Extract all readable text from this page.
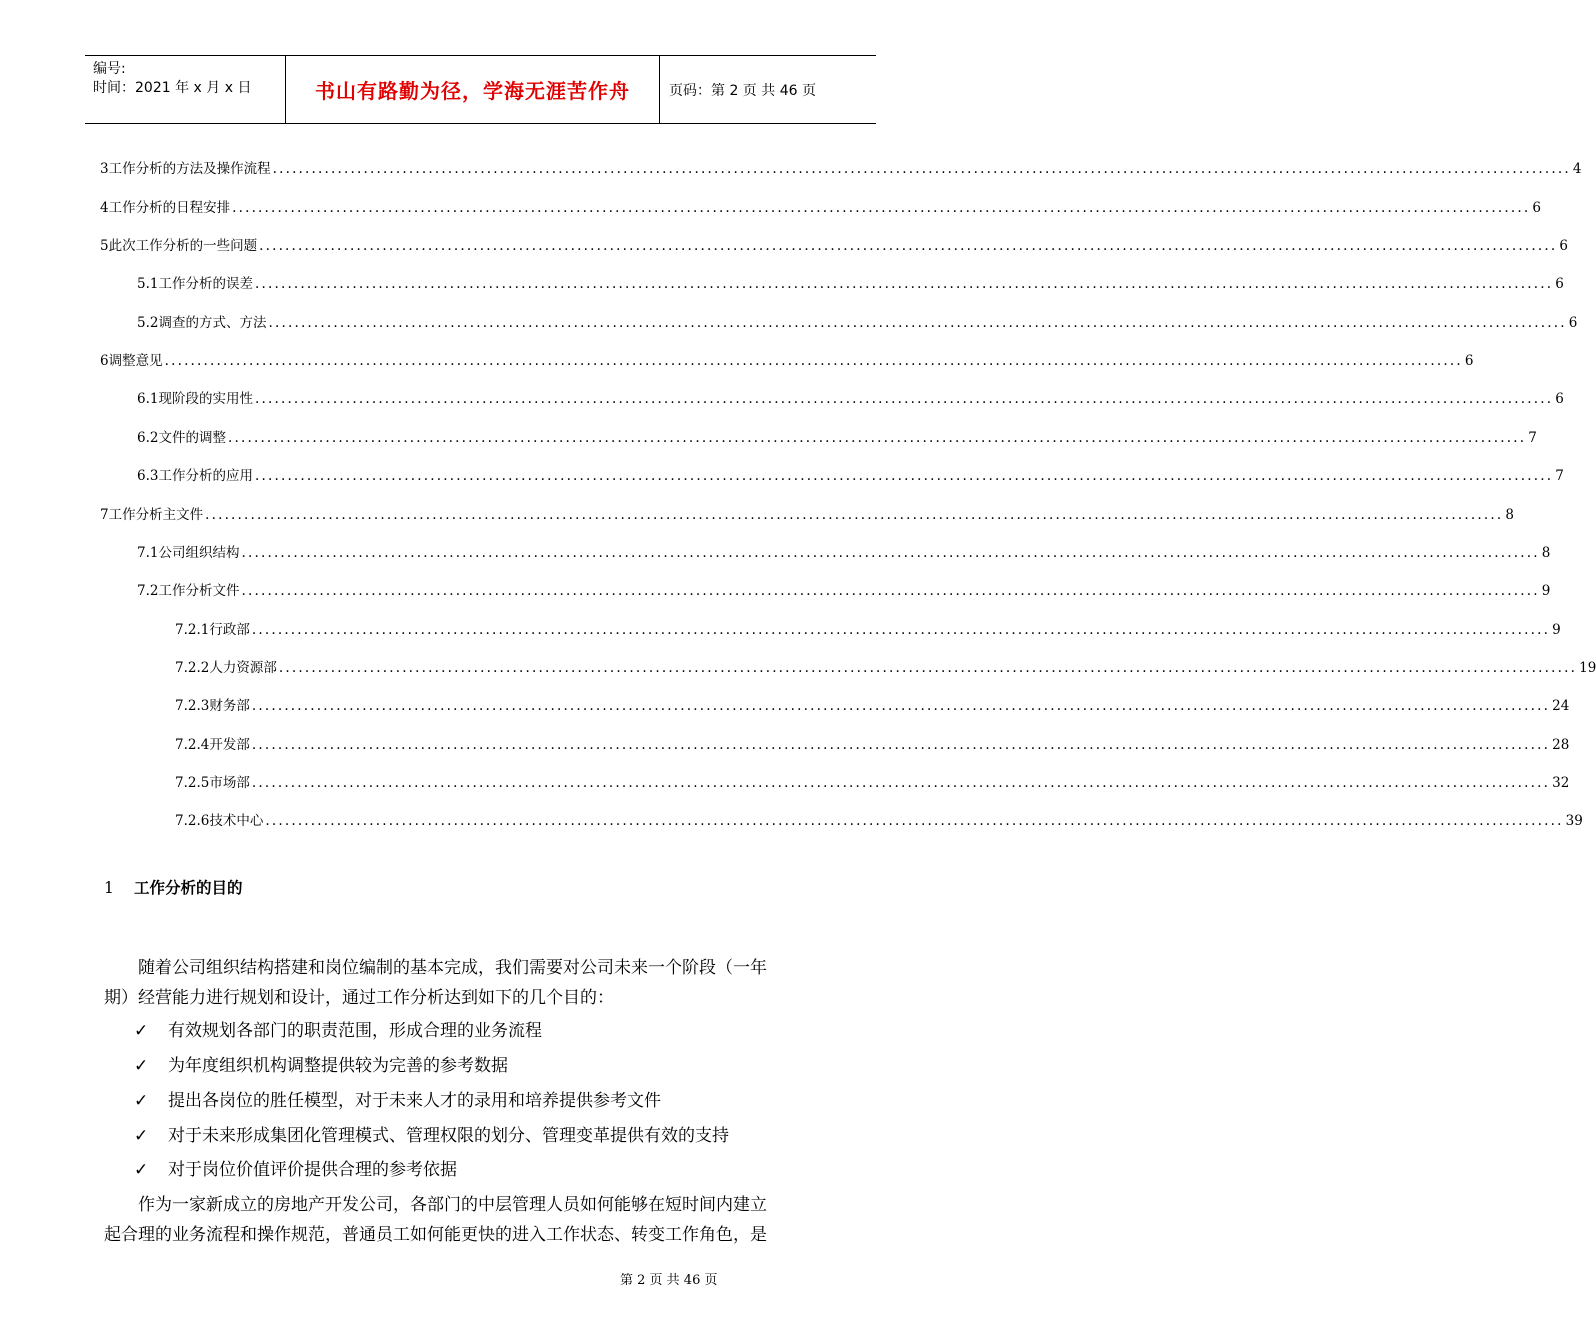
编号:
时间：2021 年 x 月 x 日	书山有路勤为径，学海无涯苦作舟	页码：第 2 页 共 46 页
3 工作分析的方法及操作流程 ........................................................................................................................................................................................................ 4
4 工作分析的日程安排 ........................................................................................................................................................................................................ 6
5 此次工作分析的一些问题 ........................................................................................................................................................................................................ 6
5.1 工作分析的误差 ........................................................................................................................................................................................................ 6
5.2 调查的方式、方法 ........................................................................................................................................................................................................ 6
6 调整意见 ........................................................................................................................................................................................................ 6
6.1 现阶段的实用性 ........................................................................................................................................................................................................ 6
6.2 文件的调整 ........................................................................................................................................................................................................ 7
6.3 工作分析的应用 ........................................................................................................................................................................................................ 7
7 工作分析主文件 ........................................................................................................................................................................................................ 8
7.1 公司组织结构 ........................................................................................................................................................................................................ 8
7.2 工作分析文件 ........................................................................................................................................................................................................ 9
7.2.1 行政部 ........................................................................................................................................................................................................ 9
7.2.2 人力资源部 ........................................................................................................................................................................................................ 19
7.2.3 财务部 ........................................................................................................................................................................................................ 24
7.2.4 开发部 ........................................................................................................................................................................................................ 28
7.2.5 市场部 ........................................................................................................................................................................................................ 32
7.2.6 技术中心 ........................................................................................................................................................................................................ 39
1 工作分析的目的
随着公司组织结构搭建和岗位编制的基本完成，我们需要对公司未来一个阶段（一年
期）经营能力进行规划和设计，通过工作分析达到如下的几个目的：
✓	有效规划各部门的职责范围，形成合理的业务流程
✓	为年度组织机构调整提供较为完善的参考数据
✓	提出各岗位的胜任模型，对于未来人才的录用和培养提供参考文件
✓	对于未来形成集团化管理模式、管理权限的划分、管理变革提供有效的支持
✓	对于岗位价值评价提供合理的参考依据
作为一家新成立的房地产开发公司，各部门的中层管理人员如何能够在短时间内建立
起合理的业务流程和操作规范，普通员工如何能更快的进入工作状态、转变工作角色，是
第 2 页 共 46 页
